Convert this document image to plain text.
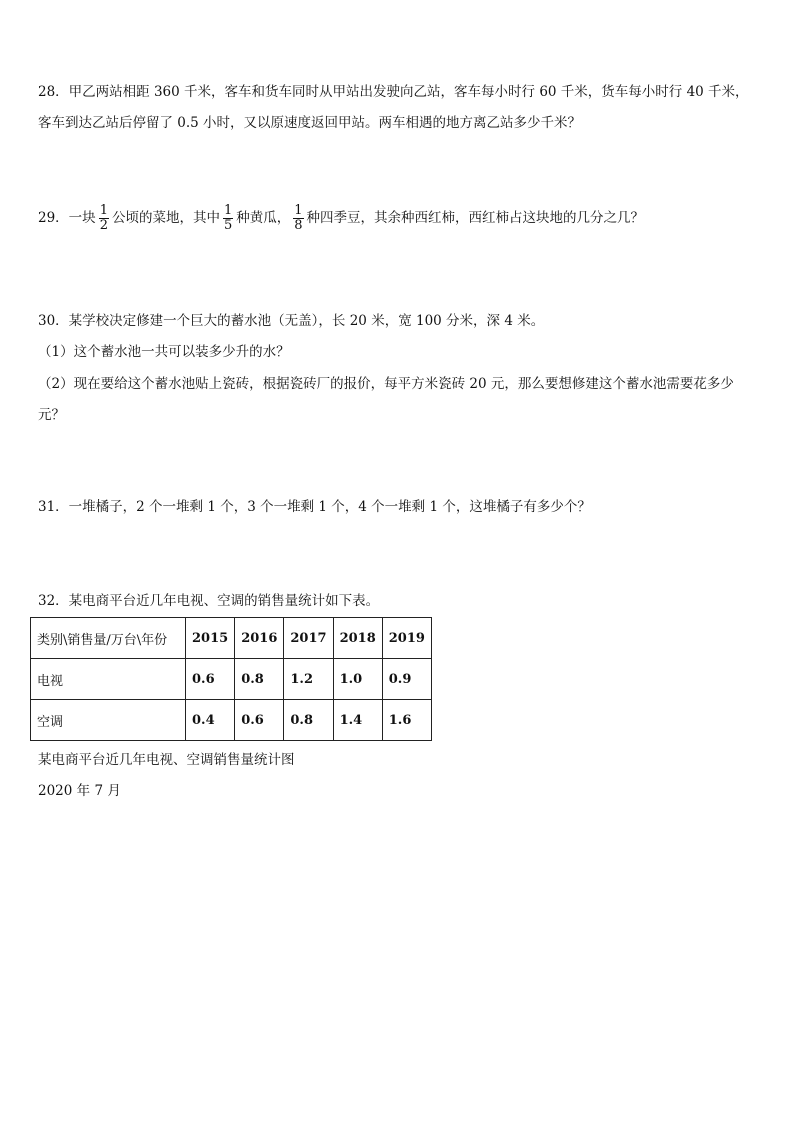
28．甲乙两站相距 360 千米，客车和货车同时从甲站出发驶向乙站，客车每小时行 60 千米，货车每小时行 40 千米，
客车到达乙站后停留了 0.5 小时，又以原速度返回甲站。两车相遇的地方离乙站多少千米？
29．一块 $\frac{1}{2}$ 公顷的菜地，其中 $\frac{1}{5}$ 种黄瓜， $\frac{1}{8}$ 种四季豆，其余种西红柿，西红柿占这块地的几分之几？
30．某学校决定修建一个巨大的蓄水池（无盖），长 20 米，宽 100 分米，深 4 米。
（1）这个蓄水池一共可以装多少升的水？
（2）现在要给这个蓄水池贴上瓷砖，根据瓷砖厂的报价，每平方米瓷砖 20 元，那么要想修建这个蓄水池需要花多少
元？
31．一堆橘子，2 个一堆剩 1 个，3 个一堆剩 1 个，4 个一堆剩 1 个，这堆橘子有多少个？
32．某电商平台近几年电视、空调的销售量统计如下表。
类别\销售量/万台\年份	2015	2016	2017	2018	2019
电视	0.6	0.8	1.2	1.0	0.9
空调	0.4	0.6	0.8	1.4	1.6
某电商平台近几年电视、空调销售量统计图
2020 年 7 月
